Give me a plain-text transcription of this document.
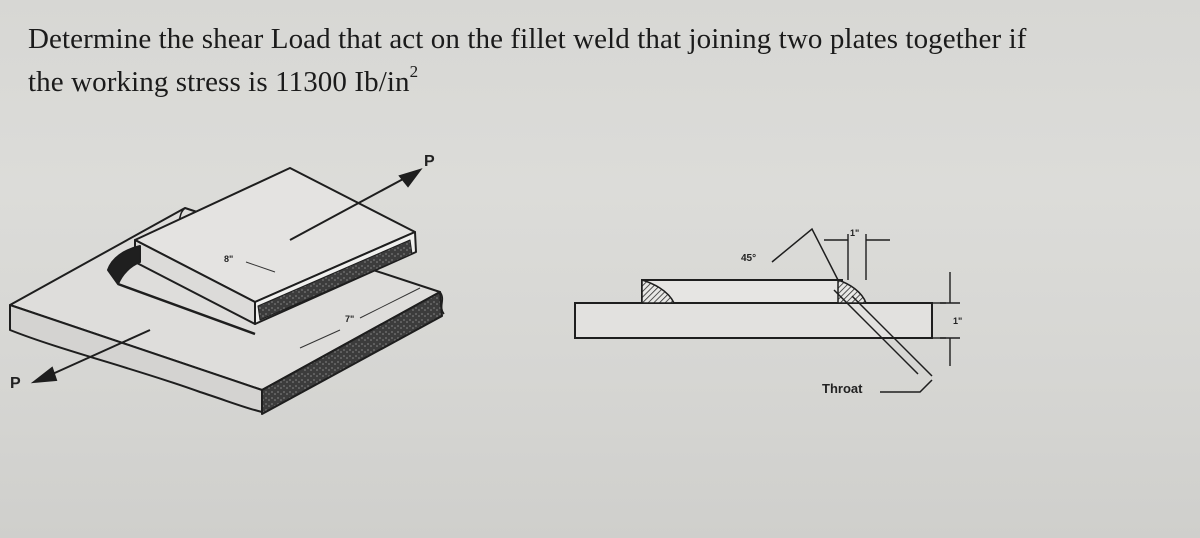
Determine the shear Load that act on the fillet weld that joining two plates together if
the working stress is 11300 $Ib/in^2$
P
P
8"
7"
1"
45°
1"
Throat
